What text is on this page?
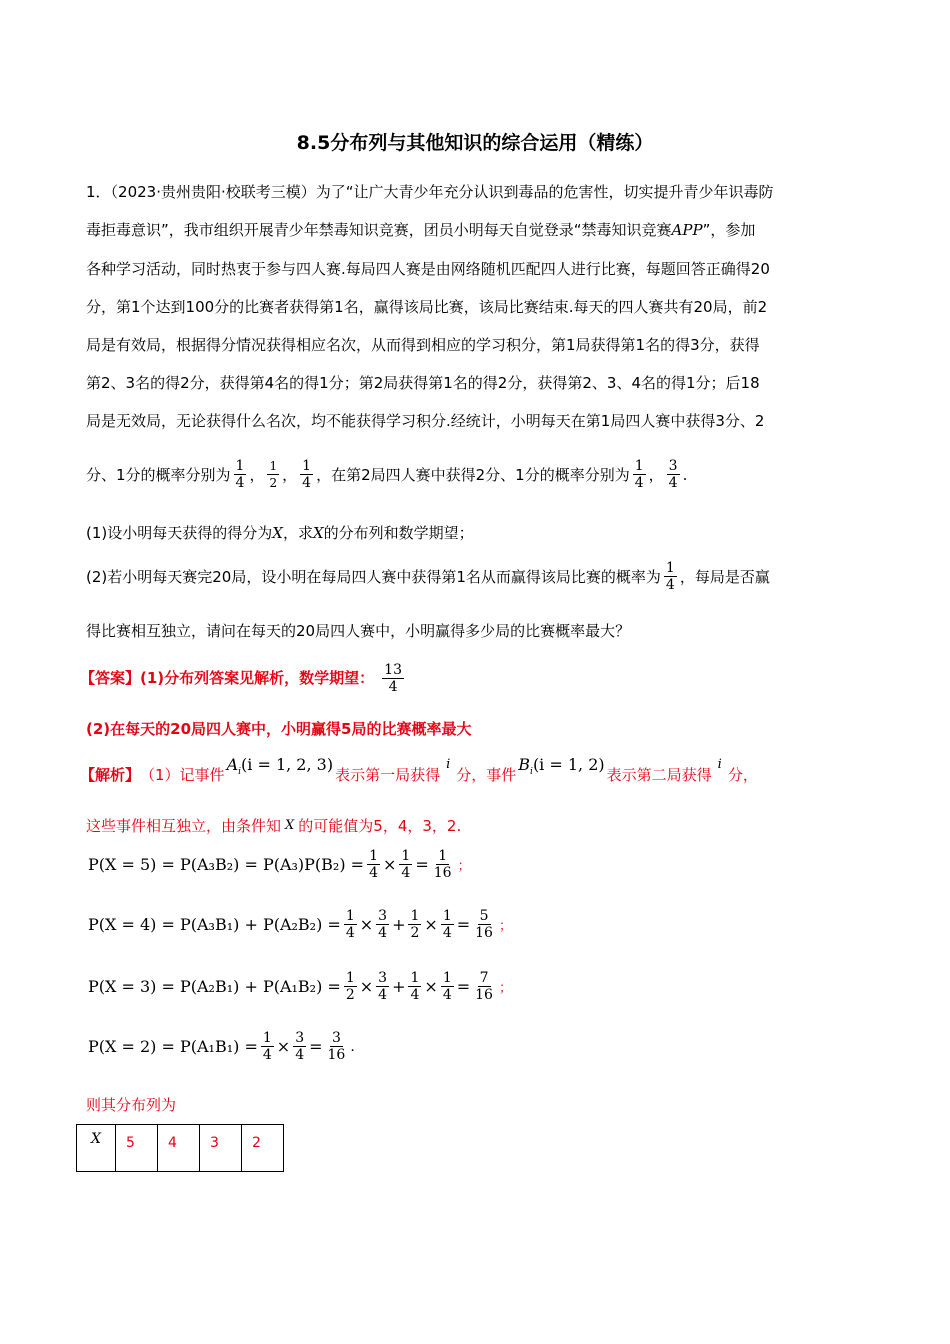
8.5分布列与其他知识的综合运用（精练）
1．（2023·贵州贵阳·校联考三模）为了“让广大青少年充分认识到毒品的危害性，切实提升青少年识毒防
毒拒毒意识”，我市组织开展青少年禁毒知识竞赛，团员小明每天自觉登录“禁毒知识竞赛APP”，参加
各种学习活动，同时热衷于参与四人赛.每局四人赛是由网络随机匹配四人进行比赛，每题回答正确得20
分，第1个达到100分的比赛者获得第1名，赢得该局比赛，该局比赛结束.每天的四人赛共有20局，前2
局是有效局，根据得分情况获得相应名次，从而得到相应的学习积分，第1局获得第1名的得3分，获得
第2、3名的得2分，获得第4名的得1分；第2局获得第1名的得2分，获得第2、3、4名的得1分；后18
局是无效局，无论获得什么名次，均不能获得学习积分.经统计，小明每天在第1局四人赛中获得3分、2
分、1分的概率分别为 $\frac{1}{4}$ ， $\frac{1}{2}$ ， $\frac{1}{4}$ ，在第2局四人赛中获得2分、1分的概率分别为 $\frac{1}{4}$ ， $\frac{3}{4}$ .
(1)设小明每天获得的得分为X，求X的分布列和数学期望；
(2)若小明每天赛完20局，设小明在每局四人赛中获得第1名从而赢得该局比赛的概率为 $\frac{1}{4}$ ，每局是否赢
得比赛相互独立，请问在每天的20局四人赛中，小明赢得多少局的比赛概率最大？
【答案】 (1)分布列答案见解析，数学期望： $\frac{13}{4}$
(2)在每天的20局四人赛中，小明赢得5局的比赛概率最大
【解析】 （1）记事件
$A_i(i = 1$, 2, 3)
表示第一局获得
i
分，事件
$B_i(i = 1$, 2)
表示第二局获得
i
分，
这些事件相互独立，由条件知 X 的可能值为5，4，3，2.
$P(X = 5) = P(A_3B_2) = P(A_3)P(B_2) = \frac{1}{4} \times \frac{1}{4} = \frac{1}{16}$ ；
$P(X = 4) = P(A_3B_1) + P(A_2B_2) = \frac{1}{4} \times \frac{3}{4} + \frac{1}{2} \times \frac{1}{4} = \frac{5}{16}$ ；
$P(X = 3) = P(A_2B_1) + P(A_1B_2) = \frac{1}{2} \times \frac{3}{4} + \frac{1}{4} \times \frac{1}{4} = \frac{7}{16}$ ；
$P(X = 2) = P(A_1B_1) = \frac{1}{4} \times \frac{3}{4} = \frac{3}{16}$ .
则其分布列为
X	5	4	3	2
